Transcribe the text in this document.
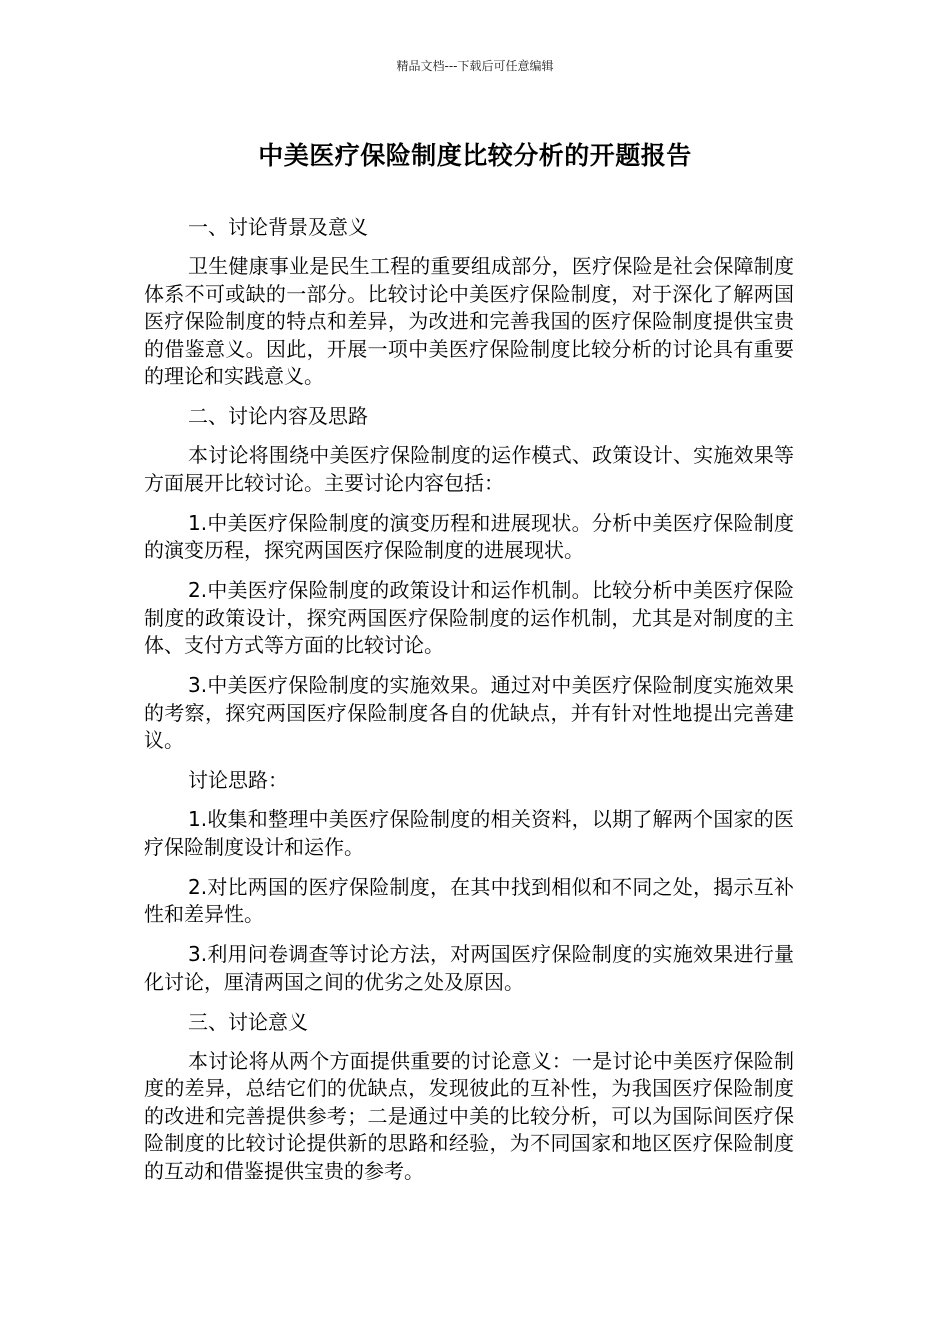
精品文档---下载后可任意编辑
中美医疗保险制度比较分析的开题报告

一、讨论背景及意义

卫生健康事业是民生工程的重要组成部分，医疗保险是社会保障制度体系不可或缺的一部分。比较讨论中美医疗保险制度，对于深化了解两国医疗保险制度的特点和差异，为改进和完善我国的医疗保险制度提供宝贵的借鉴意义。因此，开展一项中美医疗保险制度比较分析的讨论具有重要的理论和实践意义。

二、讨论内容及思路

本讨论将围绕中美医疗保险制度的运作模式、政策设计、实施效果等方面展开比较讨论。主要讨论内容包括：

1.中美医疗保险制度的演变历程和进展现状。分析中美医疗保险制度的演变历程，探究两国医疗保险制度的进展现状。

2.中美医疗保险制度的政策设计和运作机制。比较分析中美医疗保险制度的政策设计，探究两国医疗保险制度的运作机制，尤其是对制度的主体、支付方式等方面的比较讨论。

3.中美医疗保险制度的实施效果。通过对中美医疗保险制度实施效果的考察，探究两国医疗保险制度各自的优缺点，并有针对性地提出完善建议。

讨论思路：

1.收集和整理中美医疗保险制度的相关资料，以期了解两个国家的医疗保险制度设计和运作。

2.对比两国的医疗保险制度，在其中找到相似和不同之处，揭示互补性和差异性。

3.利用问卷调查等讨论方法，对两国医疗保险制度的实施效果进行量化讨论，厘清两国之间的优劣之处及原因。

三、讨论意义

本讨论将从两个方面提供重要的讨论意义：一是讨论中美医疗保险制度的差异，总结它们的优缺点，发现彼此的互补性，为我国医疗保险制度的改进和完善提供参考；二是通过中美的比较分析，可以为国际间医疗保险制度的比较讨论提供新的思路和经验，为不同国家和地区医疗保险制度的互动和借鉴提供宝贵的参考。
